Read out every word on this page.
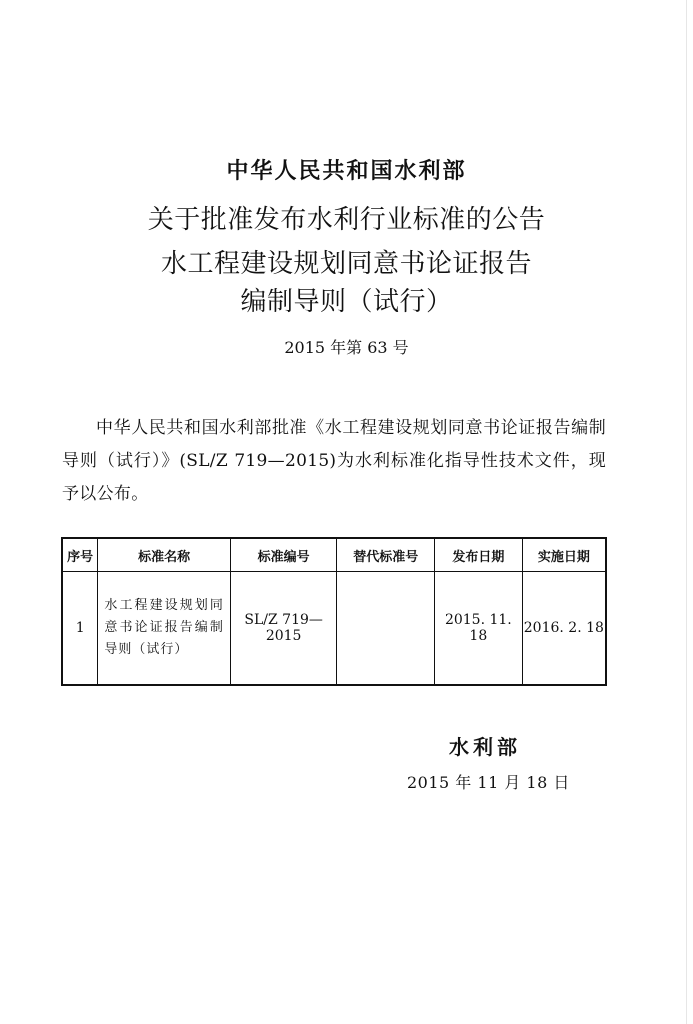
中华人民共和国水利部
关于批准发布水利行业标准的公告
水工程建设规划同意书论证报告
编制导则（试行）
2015 年第 63 号

中华人民共和国水利部批准《水工程建设规划同意书论证报告编制导则（试行）》(SL/Z 719—2015)为水利标准化指导性技术文件，现予以公布。

序号	标准名称	标准编号	替代标准号	发布日期	实施日期
1	水工程建设规划同意书论证报告编制导则（试行）	SL/Z 719—2015		2015. 11. 18	2016. 2. 18
水利部
2015 年 11 月 18 日
